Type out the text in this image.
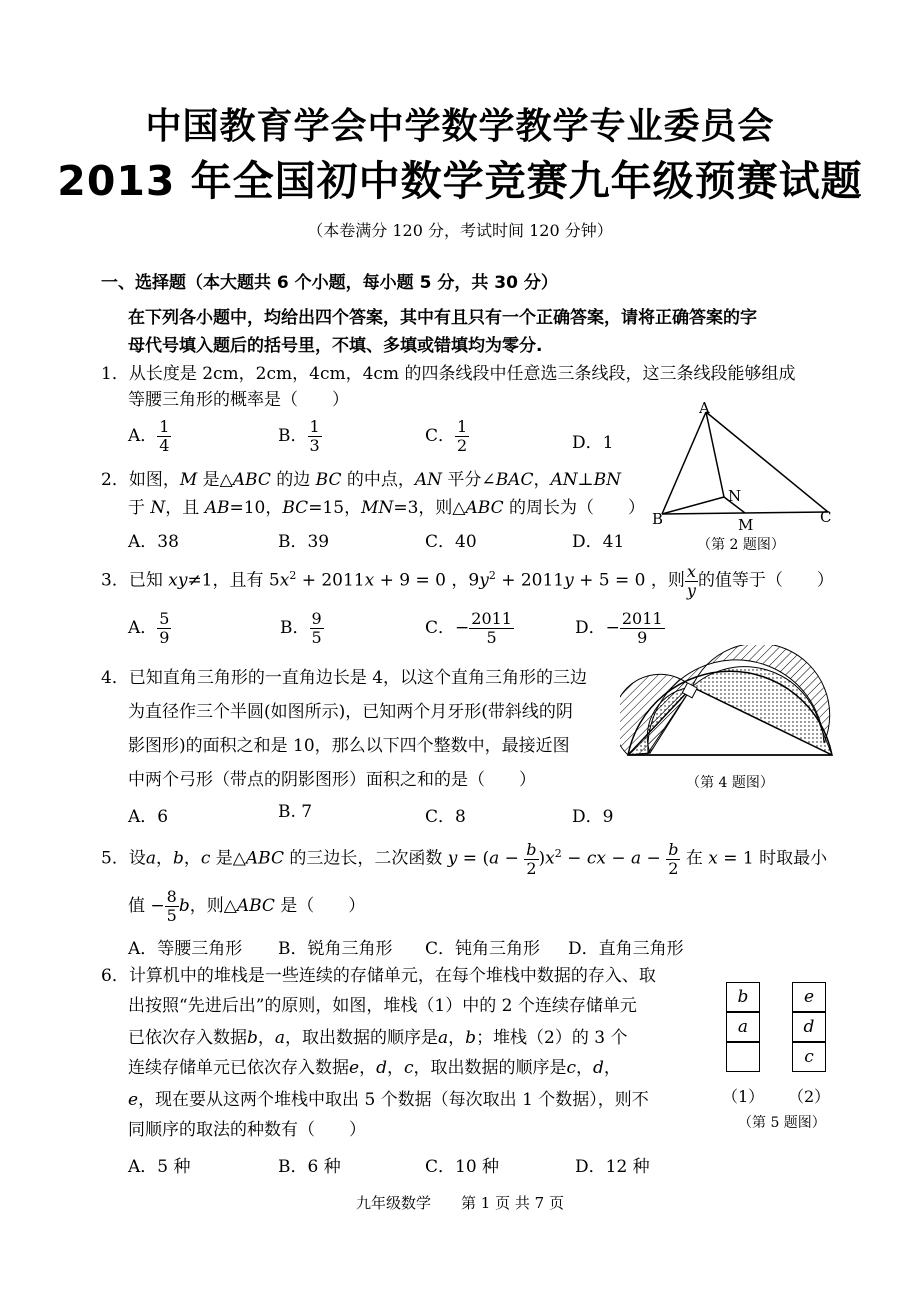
中国教育学会中学数学教学专业委员会
2013 年全国初中数学竞赛九年级预赛试题
（本卷满分 120 分，考试时间 120 分钟）
一、选择题（本大题共 6 个小题，每小题 5 分，共 30 分）
在下列各小题中，均给出四个答案，其中有且只有一个正确答案，请将正确答案的字
母代号填入题后的括号里，不填、多填或错填均为零分.
1．从长度是 2cm，2cm，4cm，4cm 的四条线段中任意选三条线段，这三条线段能够组成
等腰三角形的概率是（　　）
A． $\frac{1}{4}$	B． $\frac{1}{3}$	C． $\frac{1}{2}$	D．1
A
B	C
N
M
（第 2 题图）
2．如图，M 是△ABC 的边 BC 的中点，AN 平分∠BAC，AN⊥BN
于 N，且 AB=10，BC=15，MN=3，则△ABC 的周长为（　　）
A．38	B．39	C．40	D．41
3．已知 xy≠1，且有 $5x^2 + 2011x + 9 = 0$ ，$9y^2 + 2011y + 5 = 0$ ，则 $\frac{x}{y}$ 的值等于（　　）
A． $\frac{5}{9}$	B． $\frac{9}{5}$	C．− $\frac{2011}{5}$	D．− $\frac{2011}{9}$
（第 4 题图）
4．已知直角三角形的一直角边长是 4，以这个直角三角形的三边
为直径作三个半圆(如图所示)，已知两个月牙形(带斜线的阴
影图形)的面积之和是 10，那么以下四个整数中，最接近图
中两个弓形（带点的阴影图形）面积之和的是（　　）
A．6	B. 7	C．8	D．9
5．设a，b，c 是△ABC 的三边长，二次函数 $y = (a - \frac{b}{2} )x^2$ − cx − $a - \frac{b}{2}$ 在 x = 1 时取最小
值 − $\frac{8}{5}$ b，则△ABC 是（　　）
A．等腰三角形 B．锐角三角形 C．钝角三角形 D．直角三角形
6．计算机中的堆栈是一些连续的存储单元，在每个堆栈中数据的存入、取
出按照“先进后出”的原则，如图，堆栈（1）中的 2 个连续存储单元
已依次存入数据b，a，取出数据的顺序是a，b；堆栈（2）的 3 个
连续存储单元已依次存入数据e，d，c，取出数据的顺序是c，d，
e，现在要从这两个堆栈中取出 5 个数据（每次取出 1 个数据），则不
同顺序的取法的种数有（　　）
A．5 种	B．6 种	C．10 种	D．12 种
b
a
e
d
c
（1） （2）
（第 5 题图）
九年级数学　　第 1 页 共 7 页
